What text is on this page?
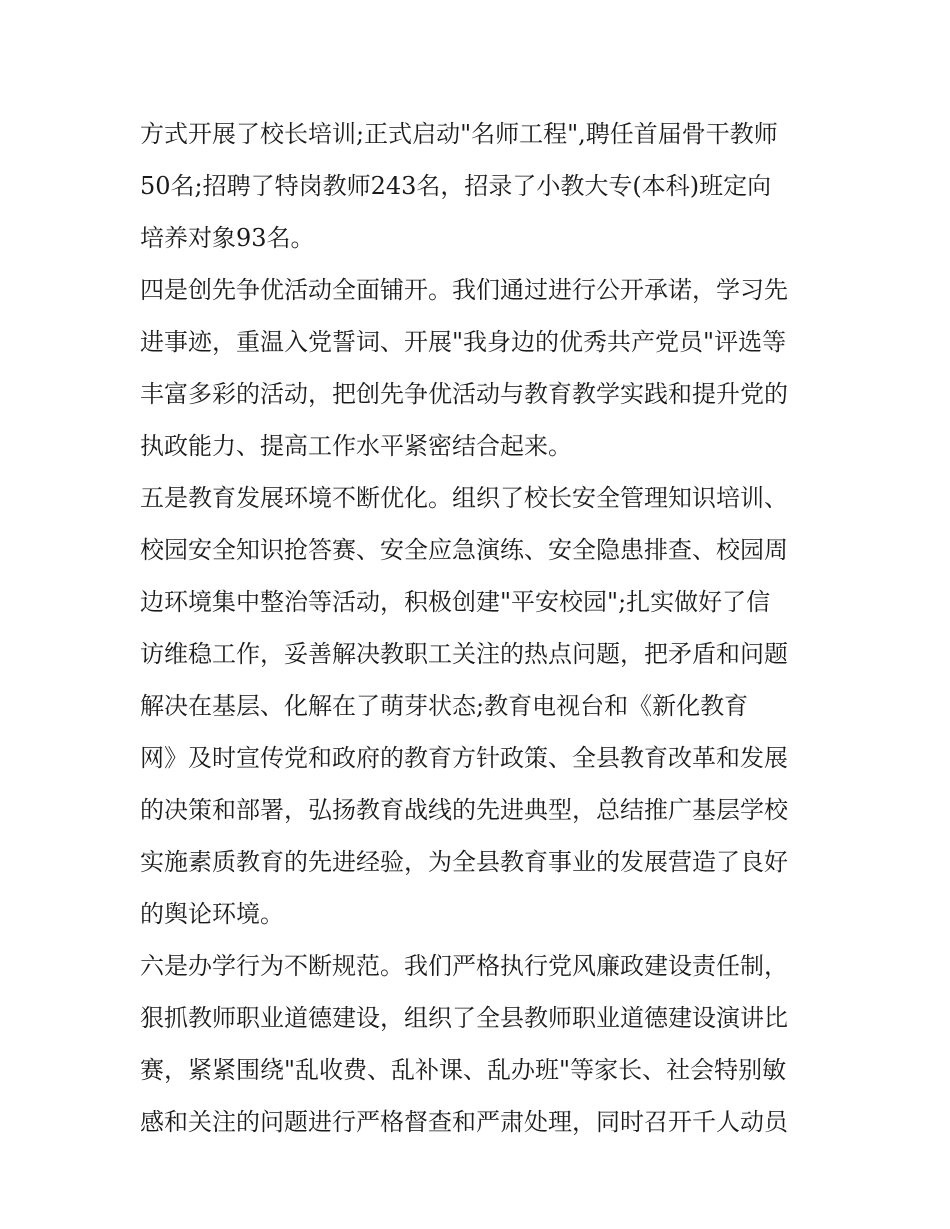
方式开展了校长培训;正式启动"名师工程",聘任首届骨干教师
50名;招聘了特岗教师243名，招录了小教大专(本科)班定向
培养对象93名。
四是创先争优活动全面铺开。我们通过进行公开承诺，学习先
进事迹，重温入党誓词、开展"我身边的优秀共产党员"评选等
丰富多彩的活动，把创先争优活动与教育教学实践和提升党的
执政能力、提高工作水平紧密结合起来。
五是教育发展环境不断优化。组织了校长安全管理知识培训、
校园安全知识抢答赛、安全应急演练、安全隐患排查、校园周
边环境集中整治等活动，积极创建"平安校园";扎实做好了信
访维稳工作，妥善解决教职工关注的热点问题，把矛盾和问题
解决在基层、化解在了萌芽状态;教育电视台和《新化教育
网》及时宣传党和政府的教育方针政策、全县教育改革和发展
的决策和部署，弘扬教育战线的先进典型，总结推广基层学校
实施素质教育的先进经验，为全县教育事业的发展营造了良好
的舆论环境。
六是办学行为不断规范。我们严格执行党风廉政建设责任制，
狠抓教师职业道德建设，组织了全县教师职业道德建设演讲比
赛，紧紧围绕"乱收费、乱补课、乱办班"等家长、社会特别敏
感和关注的问题进行严格督查和严肃处理，同时召开千人动员
